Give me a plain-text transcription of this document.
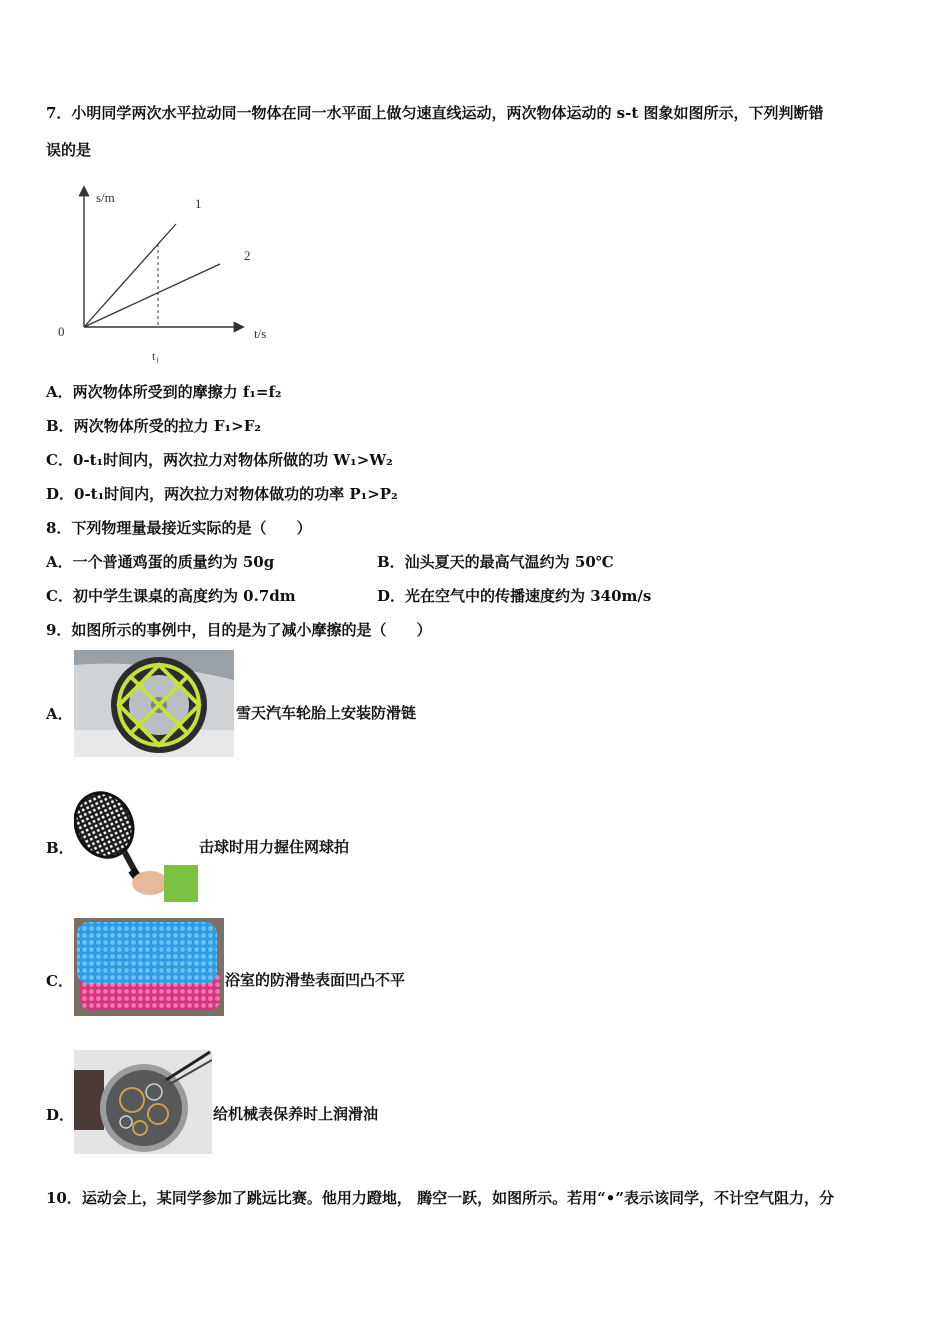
7．小明同学两次水平拉动同一物体在同一水平面上做匀速直线运动，两次物体运动的 s-t 图象如图所示，下列判断错
误的是
s/m
t/s
0
t₁
1
2
A．两次物体所受到的摩擦力 f₁=f₂
B．两次物体所受的拉力 F₁>F₂
C．0-t₁时间内，两次拉力对物体所做的功 W₁>W₂
D．0-t₁时间内，两次拉力对物体做功的功率 P₁>P₂
8．下列物理量最接近实际的是（　　）
A．一个普通鸡蛋的质量约为 50g	B．汕头夏天的最高气温约为 50℃
C．初中学生课桌的高度约为 0.7dm	D．光在空气中的传播速度约为 340m/s
9．如图所示的事例中，目的是为了减小摩擦的是（　　）
A．	雪天汽车轮胎上安装防滑链
B．	击球时用力握住网球拍
C．	浴室的防滑垫表面凹凸不平
D．	给机械表保养时上润滑油
10．运动会上，某同学参加了跳远比赛。他用力蹬地， 腾空一跃，如图所示。若用“•”表示该同学，不计空气阻力，分
